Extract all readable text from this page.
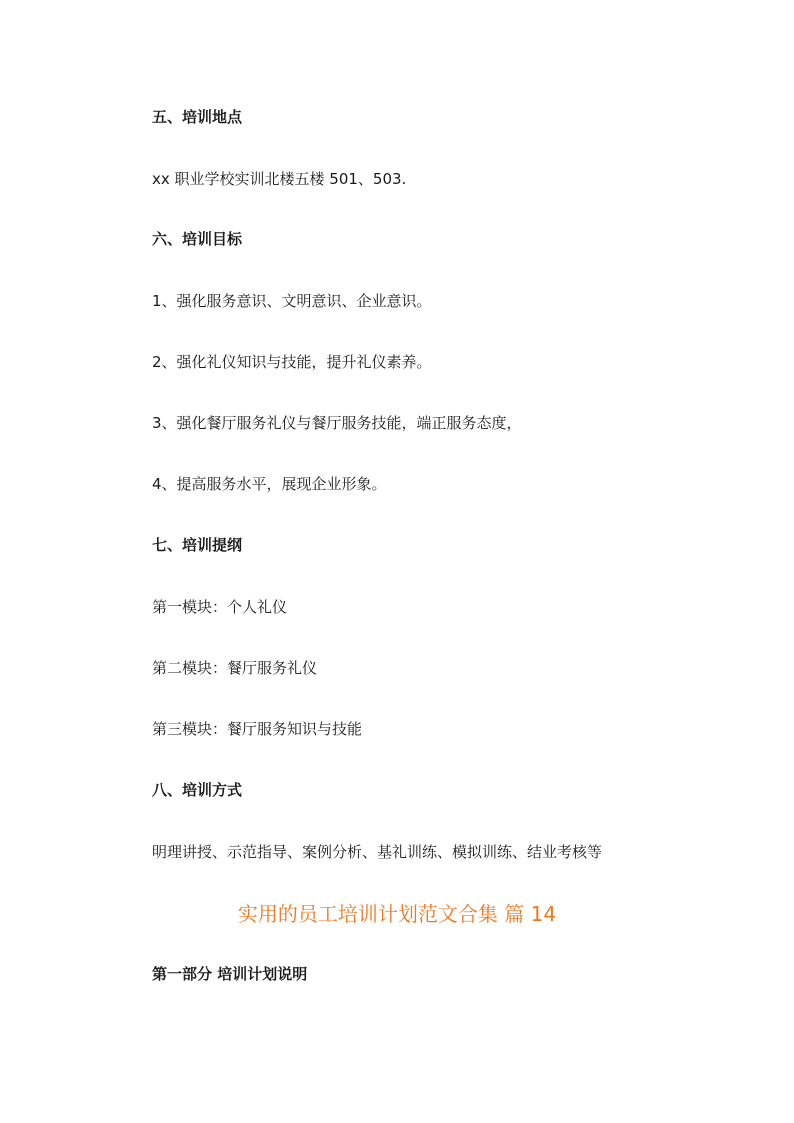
五、培训地点
xx 职业学校实训北楼五楼 501、503.
六、培训目标
1、强化服务意识、文明意识、企业意识。
2、强化礼仪知识与技能，提升礼仪素养。
3、强化餐厅服务礼仪与餐厅服务技能，端正服务态度，
4、提高服务水平，展现企业形象。
七、培训提纲
第一模块：个人礼仪
第二模块：餐厅服务礼仪
第三模块：餐厅服务知识与技能
八、培训方式
明理讲授、示范指导、案例分析、基礼训练、模拟训练、结业考核等
实用的员工培训计划范文合集 篇 14
第一部分 培训计划说明
